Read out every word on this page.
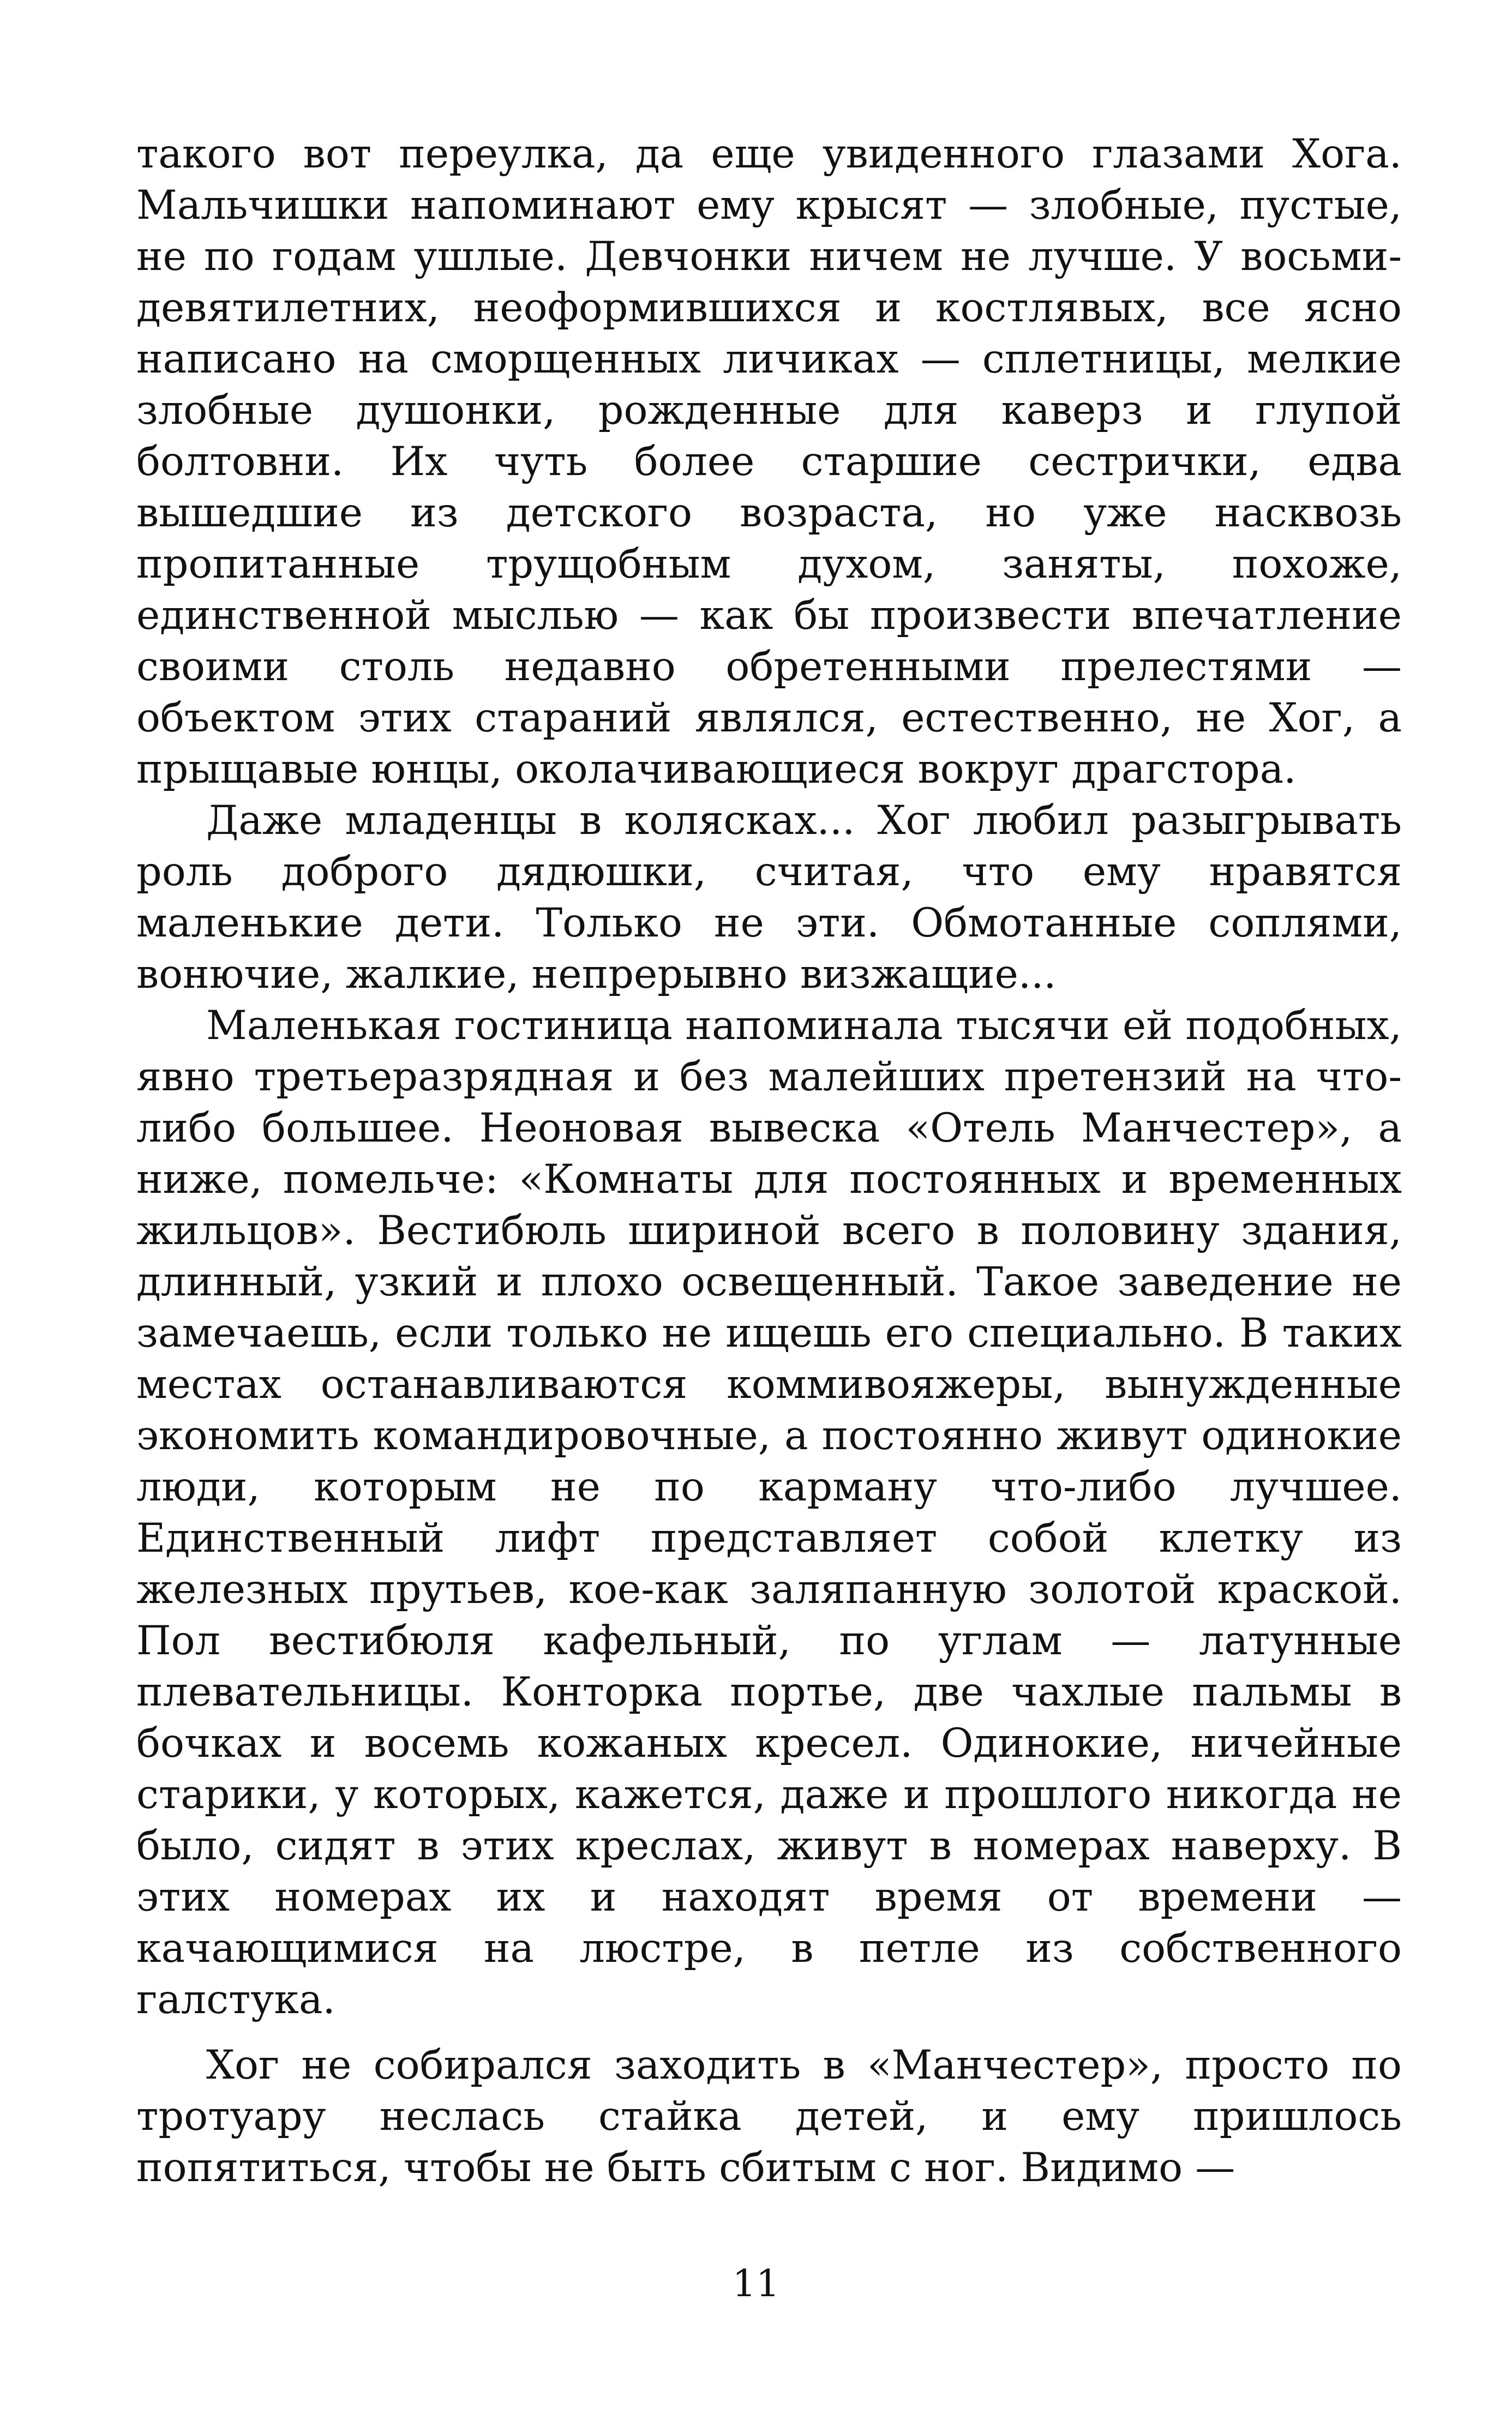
такого вот переулка, да еще увиденного глазами Хога. Мальчишки напоминают ему крысят — злобные, пустые, не по годам ушлые. Девчонки ничем не лучше. У восьми-девятилетних, неоформившихся и костлявых, все ясно написано на сморщенных личиках — сплетницы, мелкие злобные душонки, рожденные для каверз и глупой болтовни. Их чуть более старшие сестрички, едва вышедшие из детского возраста, но уже насквозь пропитанные трущобным духом, заняты, похоже, единственной мыслью — как бы произвести впечатление своими столь недавно обретенными прелестями — объектом этих стараний являлся, естественно, не Хог, а прыщавые юнцы, околачивающиеся вокруг драгстора.

Даже младенцы в колясках... Хог любил разыгрывать роль доброго дядюшки, считая, что ему нравятся маленькие дети. Только не эти. Обмотанные соплями, вонючие, жалкие, непрерывно визжащие...

Маленькая гостиница напоминала тысячи ей подобных, явно третьеразрядная и без малейших претензий на что-либо большее. Неоновая вывеска «Отель Манчестер», а ниже, помельче: «Комнаты для постоянных и временных жильцов». Вестибюль шириной всего в половину здания, длинный, узкий и плохо освещенный. Такое заведение не замечаешь, если только не ищешь его специально. В таких местах останавливаются коммивояжеры, вынужденные экономить командировочные, а постоянно живут одинокие люди, которым не по карману что-либо лучшее. Единственный лифт представляет собой клетку из железных прутьев, кое-как заляпанную золотой краской. Пол вестибюля кафельный, по углам — латунные плевательницы. Конторка портье, две чахлые пальмы в бочках и восемь кожаных кресел. Одинокие, ничейные старики, у которых, кажется, даже и прошлого никогда не было, сидят в этих креслах, живут в номерах наверху. В этих номерах их и находят время от времени — качающимися на люстре, в петле из собственного галстука.

Хог не собирался заходить в «Манчестер», просто по тротуару неслась стайка детей, и ему пришлось попятиться, чтобы не быть сбитым с ног. Видимо —

11
